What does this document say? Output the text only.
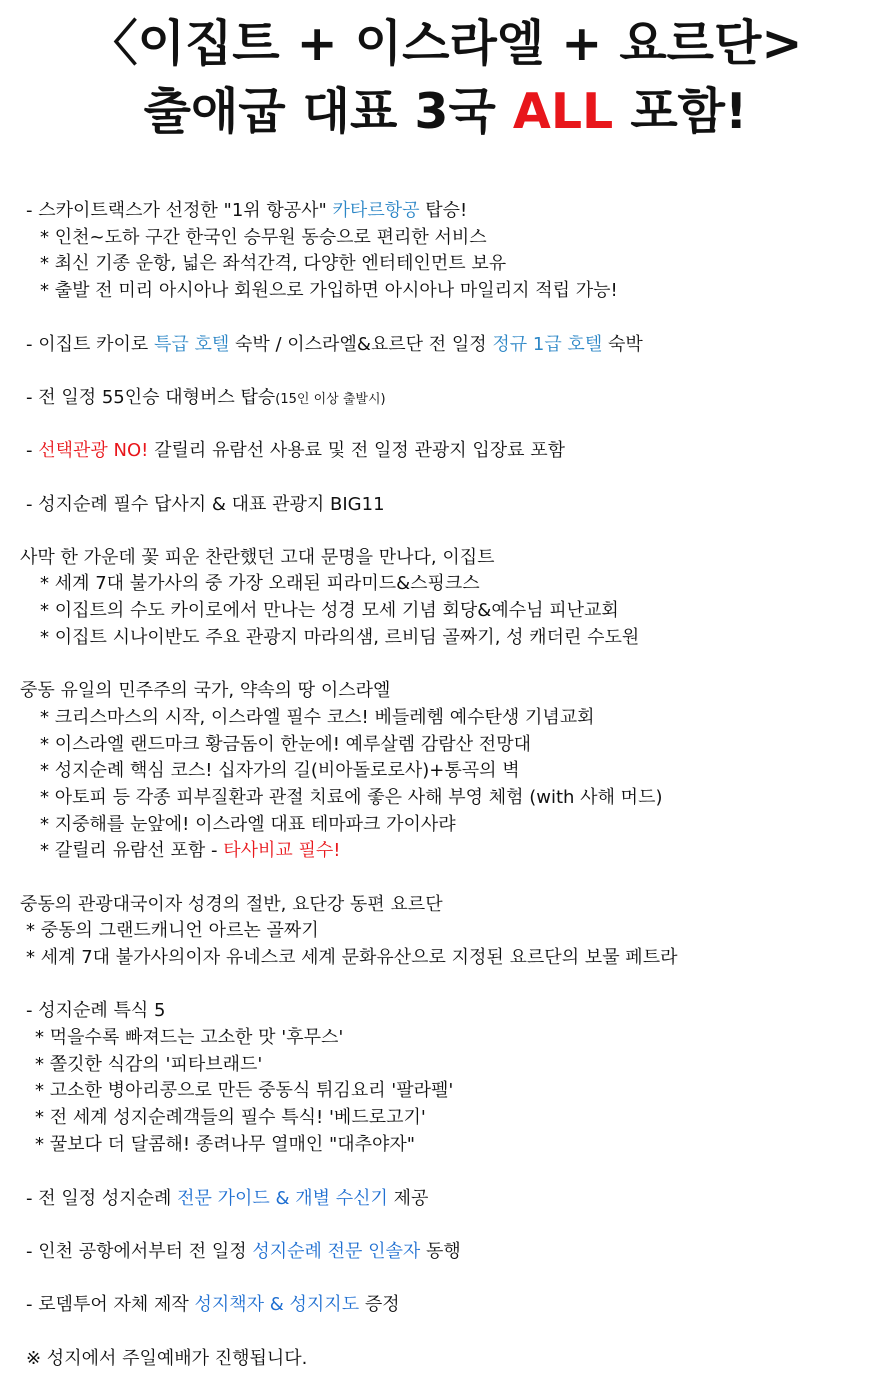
〈이집트 + 이스라엘 + 요르단>
출애굽 대표 3국 ALL 포함!
- 스카이트랙스가 선정한 "1위 항공사" 카타르항공 탑승!
* 인천~도하 구간 한국인 승무원 동승으로 편리한 서비스
* 최신 기종 운항, 넓은 좌석간격, 다양한 엔터테인먼트 보유
* 출발 전 미리 아시아나 회원으로 가입하면 아시아나 마일리지 적립 가능!
- 이집트 카이로 특급 호텔 숙박 / 이스라엘&요르단 전 일정 정규 1급 호텔 숙박
- 전 일정 55인승 대형버스 탑승(15인 이상 출발시)
- 선택관광 NO! 갈릴리 유람선 사용료 및 전 일정 관광지 입장료 포함
- 성지순례 필수 답사지 & 대표 관광지 BIG11
사막 한 가운데 꽃 피운 찬란했던 고대 문명을 만나다, 이집트
* 세계 7대 불가사의 중 가장 오래된 피라미드&스핑크스
* 이집트의 수도 카이로에서 만나는 성경 모세 기념 회당&예수님 피난교회
* 이집트 시나이반도 주요 관광지 마라의샘, 르비딤 골짜기, 성 캐더린 수도원
중동 유일의 민주주의 국가, 약속의 땅 이스라엘
* 크리스마스의 시작, 이스라엘 필수 코스! 베들레헴 예수탄생 기념교회
* 이스라엘 랜드마크 황금돔이 한눈에! 예루살렘 감람산 전망대
* 성지순례 핵심 코스! 십자가의 길(비아돌로로사)+통곡의 벽
* 아토피 등 각종 피부질환과 관절 치료에 좋은 사해 부영 체험 (with 사해 머드)
* 지중해를 눈앞에! 이스라엘 대표 테마파크 가이사랴
* 갈릴리 유람선 포함 - 타사비교 필수!
중동의 관광대국이자 성경의 절반, 요단강 동편 요르단
* 중동의 그랜드캐니언 아르논 골짜기
* 세계 7대 불가사의이자 유네스코 세계 문화유산으로 지정된 요르단의 보물 페트라
- 성지순례 특식 5
* 먹을수록 빠져드는 고소한 맛 '후무스'
* 쫄깃한 식감의 '피타브래드'
* 고소한 병아리콩으로 만든 중동식 튀김요리 '팔라펠'
* 전 세계 성지순례객들의 필수 특식! '베드로고기'
* 꿀보다 더 달콤해! 종려나무 열매인 "대추야자"
- 전 일정 성지순례 전문 가이드 & 개별 수신기 제공
- 인천 공항에서부터 전 일정 성지순례 전문 인솔자 동행
- 로뎀투어 자체 제작 성지책자 & 성지지도 증정
※ 성지에서 주일예배가 진행됩니다.
